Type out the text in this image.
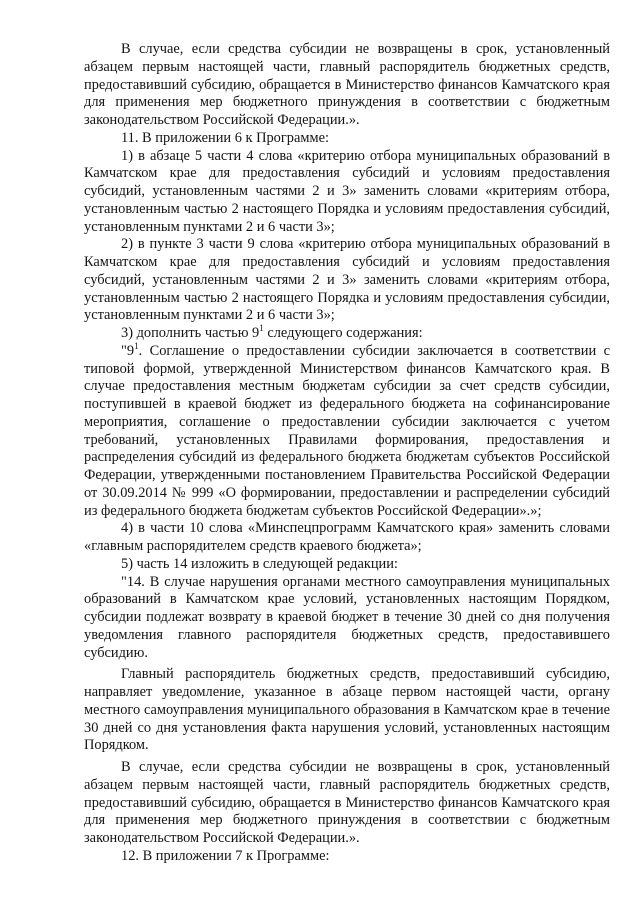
В случае, если средства субсидии не возвращены в срок, установленный абзацем первым настоящей части, главный распорядитель бюджетных средств, предоставивший субсидию, обращается в Министерство финансов Камчатского края для применения мер бюджетного принуждения в соответствии с бюджетным законодательством Российской Федерации.».

11. В приложении 6 к Программе:

1) в абзаце 5 части 4 слова «критерию отбора муниципальных образований в Камчатском крае для предоставления субсидий и условиям предоставления субсидий, установленным частями 2 и 3» заменить словами «критериям отбора, установленным частью 2 настоящего Порядка и условиям предоставления субсидий, установленным пунктами 2 и 6 части 3»;

2) в пункте 3 части 9 слова «критерию отбора муниципальных образований в Камчатском крае для предоставления субсидий и условиям предоставления субсидий, установленным частями 2 и 3» заменить словами «критериям отбора, установленным частью 2 настоящего Порядка и условиям предоставления субсидии, установленным пунктами 2 и 6 части 3»;

3) дополнить частью $9^1$ следующего содержания:

"$9^1$. Соглашение о предоставлении субсидии заключается в соответствии с типовой формой, утвержденной Министерством финансов Камчатского края. В случае предоставления местным бюджетам субсидии за счет средств субсидии, поступившей в краевой бюджет из федерального бюджета на софинансирование мероприятия, соглашение о предоставлении субсидии заключается с учетом требований, установленных Правилами формирования, предоставления и распределения субсидий из федерального бюджета бюджетам субъектов Российской Федерации, утвержденными постановлением Правительства Российской Федерации от 30.09.2014 № 999 «О формировании, предоставлении и распределении субсидий из федерального бюджета бюджетам субъектов Российской Федерации».»;

4) в части 10 слова «Минспецпрограмм Камчатского края» заменить словами «главным распорядителем средств краевого бюджета»;

5) часть 14 изложить в следующей редакции:

"14. В случае нарушения органами местного самоуправления муниципальных образований в Камчатском крае условий, установленных настоящим Порядком, субсидии подлежат возврату в краевой бюджет в течение 30 дней со дня получения уведомления главного распорядителя бюджетных средств, предоставившего субсидию.

Главный распорядитель бюджетных средств, предоставивший субсидию, направляет уведомление, указанное в абзаце первом настоящей части, органу местного самоуправления муниципального образования в Камчатском крае в течение 30 дней со дня установления факта нарушения условий, установленных настоящим Порядком.

В случае, если средства субсидии не возвращены в срок, установленный абзацем первым настоящей части, главный распорядитель бюджетных средств, предоставивший субсидию, обращается в Министерство финансов Камчатского края для применения мер бюджетного принуждения в соответствии с бюджетным законодательством Российской Федерации.».

12. В приложении 7 к Программе:
